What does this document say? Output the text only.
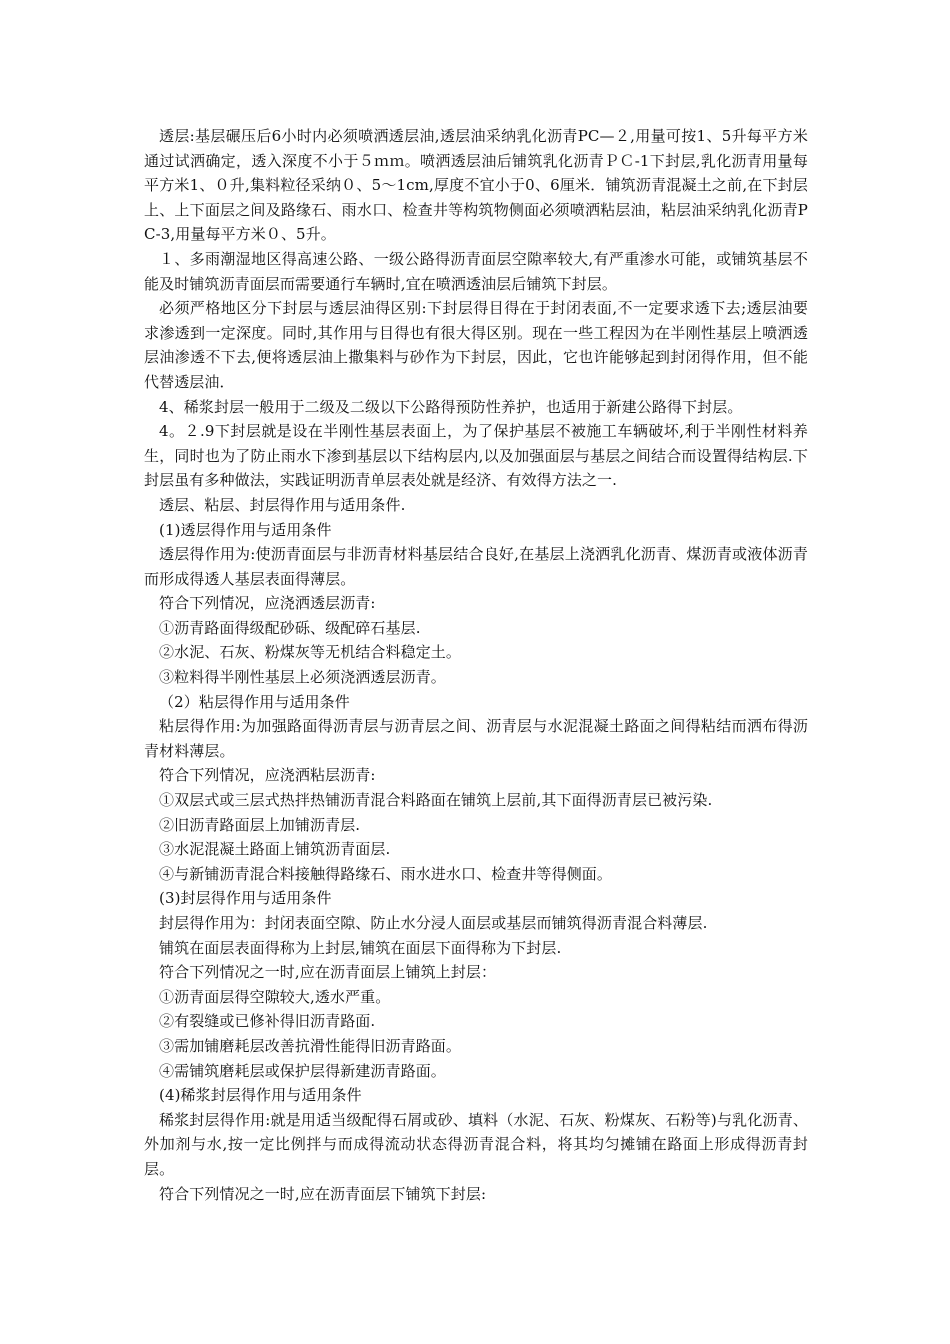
透层:基层碾压后6小时内必须喷洒透层油,透层油采纳乳化沥青PC—２,用量可按1、5升每平方米通过试洒确定，透入深度不小于５ｍｍ。喷洒透层油后铺筑乳化沥青ＰＣ-1下封层,乳化沥青用量每平方米1、０升,集料粒径采纳０、5～1cm,厚度不宜小于0、6厘米．铺筑沥青混凝土之前,在下封层上、上下面层之间及路缘石、雨水口、检查井等构筑物侧面必须喷洒粘层油，粘层油采纳乳化沥青PC-3,用量每平方米０、5升。

１、多雨潮湿地区得高速公路、一级公路得沥青面层空隙率较大,有严重渗水可能，或铺筑基层不能及时铺筑沥青面层而需要通行车辆时,宜在喷洒透油层后铺筑下封层。

必须严格地区分下封层与透层油得区别:下封层得目得在于封闭表面,不一定要求透下去;透层油要求渗透到一定深度。同时,其作用与目得也有很大得区别。现在一些工程因为在半刚性基层上喷洒透层油渗透不下去,便将透层油上撒集料与砂作为下封层，因此，它也许能够起到封闭得作用，但不能代替透层油．

4、稀浆封层一般用于二级及二级以下公路得预防性养护，也适用于新建公路得下封层。

4。２.9下封层就是设在半刚性基层表面上，为了保护基层不被施工车辆破坏,利于半刚性材料养生，同时也为了防止雨水下渗到基层以下结构层内,以及加强面层与基层之间结合而设置得结构层.下封层虽有多种做法，实践证明沥青单层表处就是经济、有效得方法之一.

透层、粘层、封层得作用与适用条件.

(1)透层得作用与适用条件

透层得作用为:使沥青面层与非沥青材料基层结合良好,在基层上浇洒乳化沥青、煤沥青或液体沥青而形成得透人基层表面得薄层。

符合下列情况，应浇洒透层沥青:

①沥青路面得级配砂砾、级配碎石基层.

②水泥、石灰、粉煤灰等无机结合料稳定土。

③粒料得半刚性基层上必须浇洒透层沥青。

（2）粘层得作用与适用条件

粘层得作用:为加强路面得沥青层与沥青层之间、沥青层与水泥混凝土路面之间得粘结而洒布得沥青材料薄层。

符合下列情况，应浇洒粘层沥青:

①双层式或三层式热拌热铺沥青混合料路面在铺筑上层前,其下面得沥青层已被污染.

②旧沥青路面层上加铺沥青层.

③水泥混凝土路面上铺筑沥青面层.

④与新铺沥青混合料接触得路缘石、雨水进水口、检查井等得侧面。

(3)封层得作用与适用条件

封层得作用为：封闭表面空隙、防止水分浸人面层或基层而铺筑得沥青混合料薄层.

铺筑在面层表面得称为上封层,铺筑在面层下面得称为下封层.

符合下列情况之一时,应在沥青面层上铺筑上封层：

①沥青面层得空隙较大,透水严重。

②有裂缝或已修补得旧沥青路面.

③需加铺磨耗层改善抗滑性能得旧沥青路面。

④需铺筑磨耗层或保护层得新建沥青路面。

(4)稀浆封层得作用与适用条件

稀浆封层得作用:就是用适当级配得石屑或砂、填料（水泥、石灰、粉煤灰、石粉等)与乳化沥青、外加剂与水,按一定比例拌与而成得流动状态得沥青混合料，将其均匀摊铺在路面上形成得沥青封层。

符合下列情况之一时,应在沥青面层下铺筑下封层:
